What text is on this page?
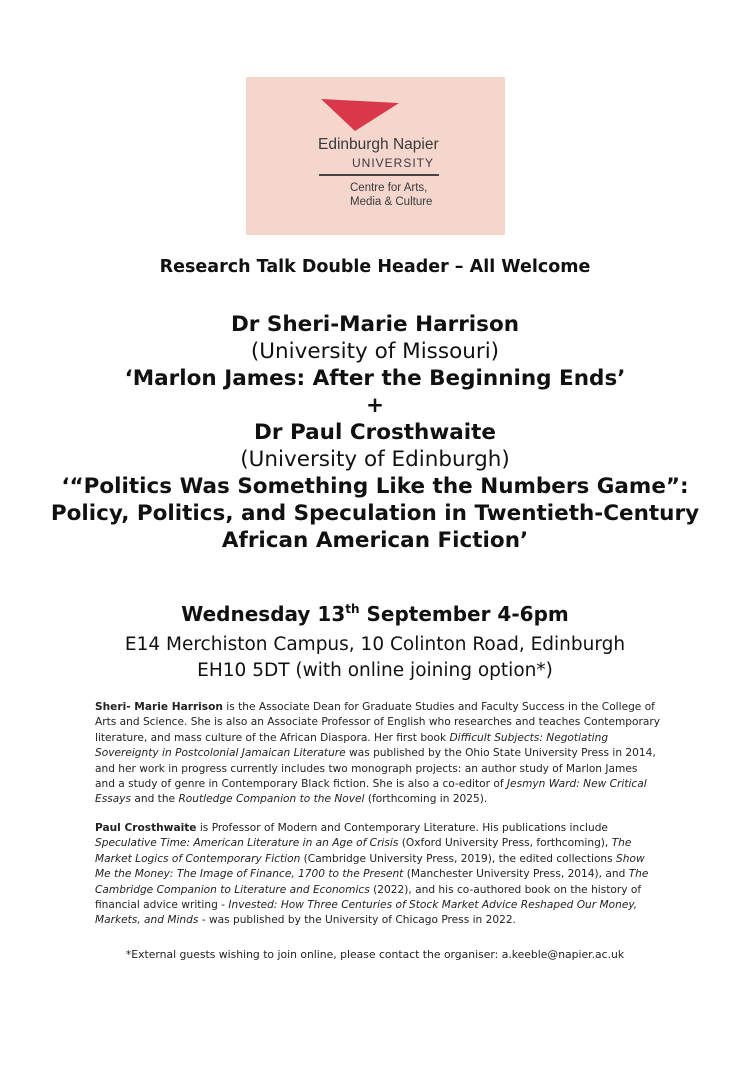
Edinburgh Napier
UNIVERSITY
Centre for Arts,
Media & Culture
Research Talk Double Header – All Welcome
Dr Sheri-Marie Harrison
(University of Missouri)
‘Marlon James: After the Beginning Ends’
+
Dr Paul Crosthwaite
(University of Edinburgh)
‘“Politics Was Something Like the Numbers Game”:
Policy, Politics, and Speculation in Twentieth-Century
African American Fiction’
Wednesday 13th September 4-6pm
E14 Merchiston Campus, 10 Colinton Road, Edinburgh
EH10 5DT (with online joining option*)
Sheri- Marie Harrison is the Associate Dean for Graduate Studies and Faculty Success in the College of Arts and Science. She is also an Associate Professor of English who researches and teaches Contemporary literature, and mass culture of the African Diaspora. Her first book Difficult Subjects: Negotiating Sovereignty in Postcolonial Jamaican Literature was published by the Ohio State University Press in 2014, and her work in progress currently includes two monograph projects: an author study of Marlon James and a study of genre in Contemporary Black fiction. She is also a co-editor of Jesmyn Ward: New Critical Essays and the Routledge Companion to the Novel (forthcoming in 2025).
Paul Crosthwaite is Professor of Modern and Contemporary Literature. His publications include Speculative Time: American Literature in an Age of Crisis (Oxford University Press, forthcoming), The Market Logics of Contemporary Fiction (Cambridge University Press, 2019), the edited collections Show Me the Money: The Image of Finance, 1700 to the Present (Manchester University Press, 2014), and The Cambridge Companion to Literature and Economics (2022), and his co-authored book on the history of financial advice writing - Invested: How Three Centuries of Stock Market Advice Reshaped Our Money, Markets, and Minds - was published by the University of Chicago Press in 2022.
*External guests wishing to join online, please contact the organiser: a.keeble@napier.ac.uk
